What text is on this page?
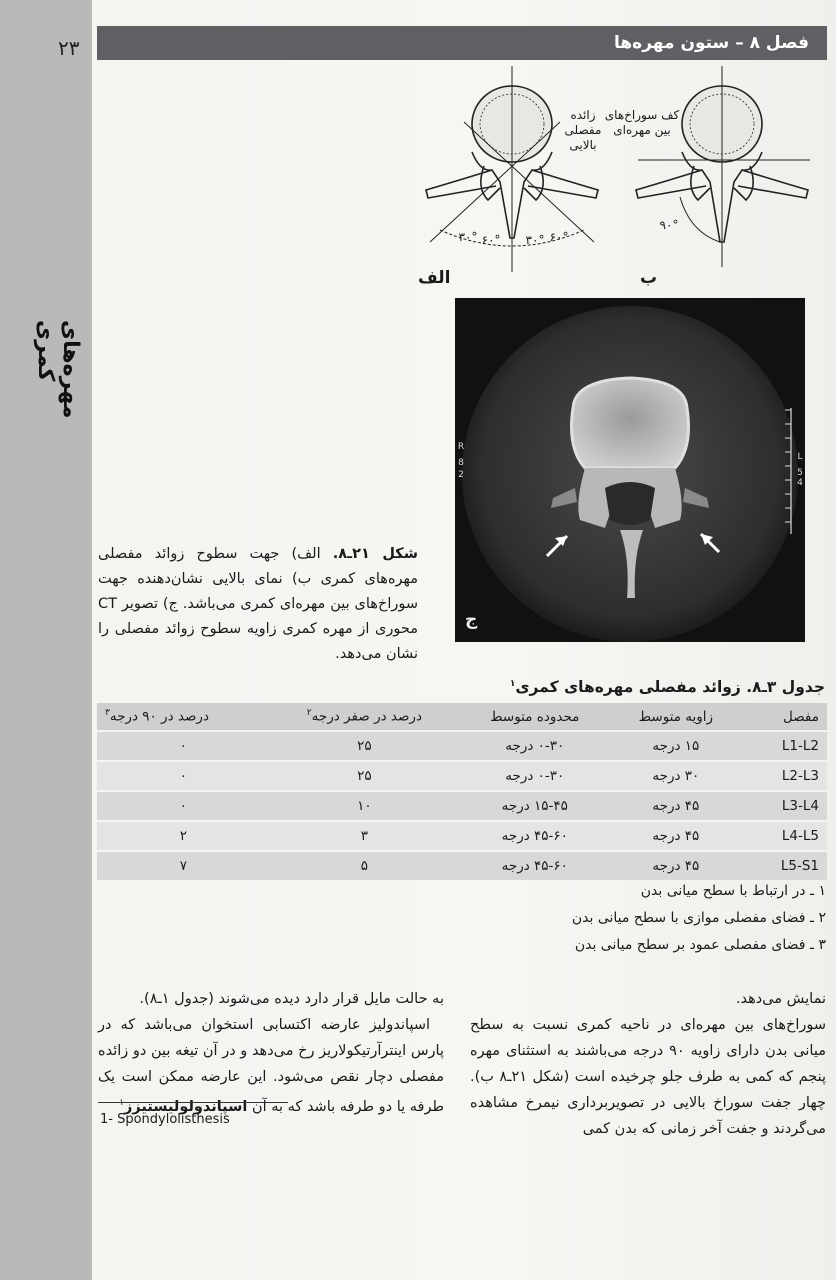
۲۳
مهره‌های کمری
فصل ۸ – ستون مهره‌ها
زائده مفصلی بالایی
کف سوراخ‌های بین مهره‌ای
۳۰° ۶۰° ۳۰° ۶۰°
۹۰°
الف	ب
R
8
2
L
5
4
ج
شکل ۲۱ـ۸. الف) جهت سطوح زوائد مفصلی مهره‌های کمری ب) نمای بالایی نشان‌دهنده جهت سوراخ‌های بین مهره‌ای کمری می‌باشد. ج) تصویر CT محوری از مهره کمری زاویه سطوح زوائد مفصلی را نشان می‌دهد.
جدول ۳ـ۸. زوائد مفصلی مهره‌های کمری$^۱$
مفصل	زاویه متوسط	محدوده متوسط	درصد در صفر درجه$^۲$	درصد در ۹۰ درجه$^۳$
L1-L2	۱۵ درجه	۰-۳۰ درجه	۲۵	۰
L2-L3	۳۰ درجه	۰-۳۰ درجه	۲۵	۰
L3-L4	۴۵ درجه	۱۵-۴۵ درجه	۱۰	۰
L4-L5	۴۵ درجه	۴۵-۶۰ درجه	۳	۲
L5-S1	۴۵ درجه	۴۵-۶۰ درجه	۵	۷
۱ ـ در ارتباط با سطح میانی بدن
۲ ـ فضای مفصلی موازی با سطح میانی بدن
۳ ـ فضای مفصلی عمود بر سطح میانی بدن
نمایش می‌دهد.
سوراخ‌های بین مهره‌ای در ناحیه کمری نسبت به سطح میانی بدن دارای زاویه ۹۰ درجه می‌باشند به استثنای مهره پنجم که کمی به طرف جلو چرخیده است (شکل ۲۱ـ۸ ب). چهار جفت سوراخ بالایی در تصویربرداری نیمرخ مشاهده می‌گردند و جفت آخر زمانی که بدن کمی
به حالت مایل قرار دارد دیده می‌شوند (جدول ۱ـ۸).
اسپاندولیز عارضه اکتسابی استخوان می‌باشد که در پارس اینترآرتیکولاریز رخ می‌دهد و در آن تیغه بین دو زائده مفصلی دچار نقص می‌شود. این عارضه ممکن است یک طرفه یا دو طرفه باشد که به آن اسپاندولولیستیزز$^۱$
1- Spondylolisthesis
